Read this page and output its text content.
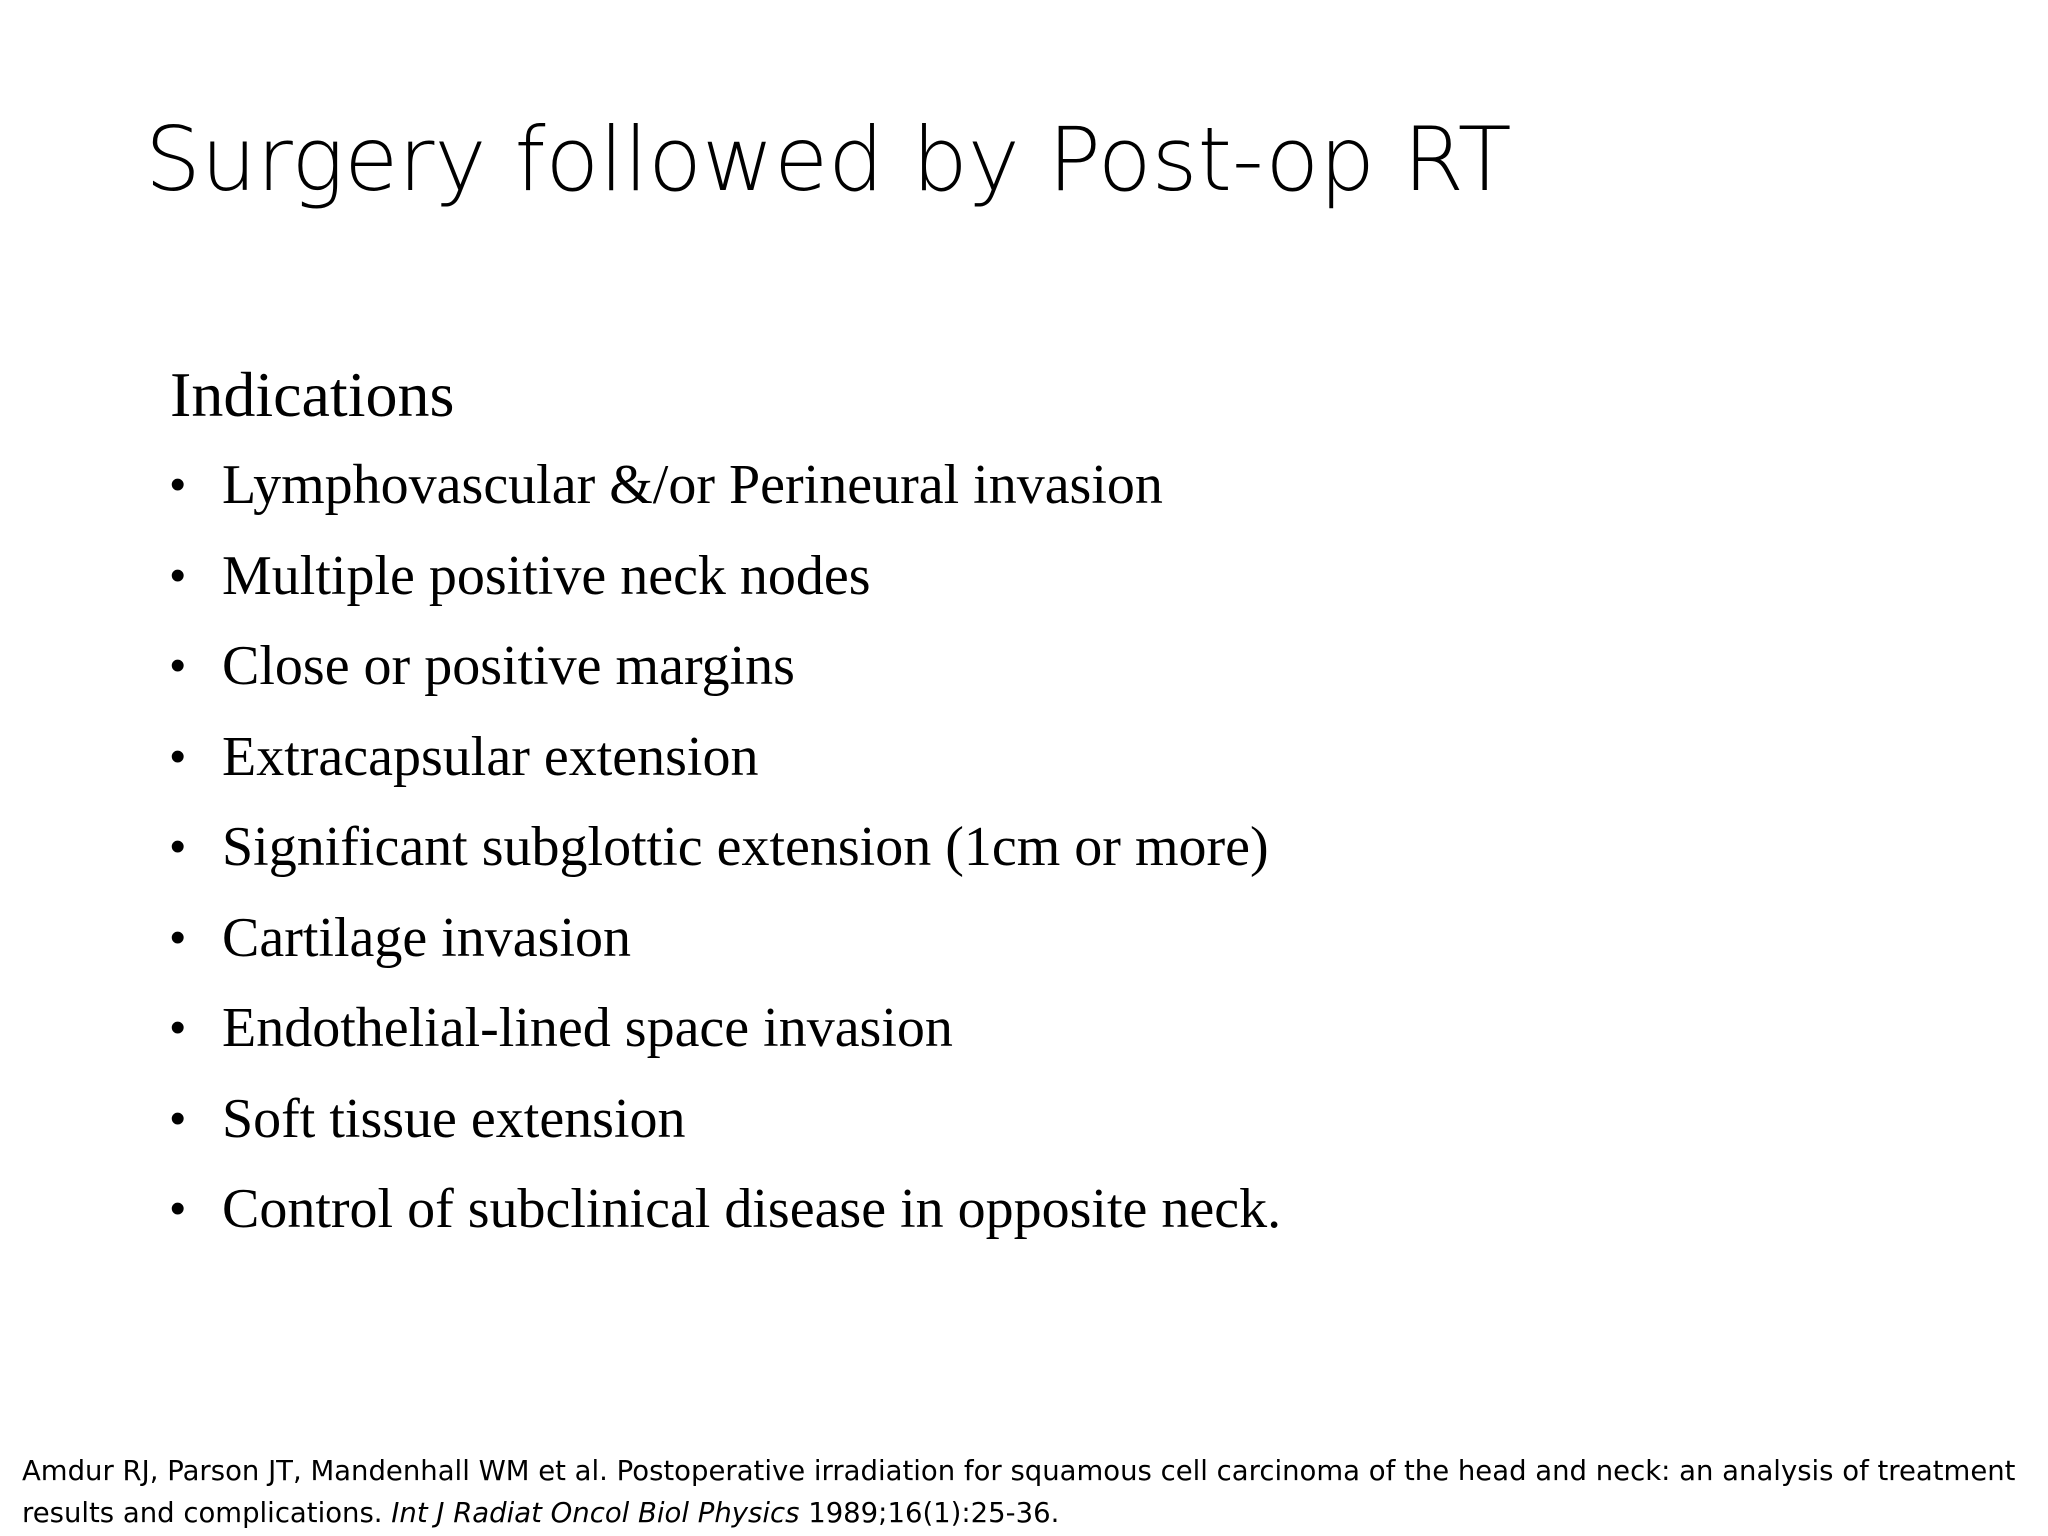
Surgery followed by Post-op RT
Indications
• Lymphovascular &/or Perineural invasion
• Multiple positive neck nodes
• Close or positive margins
• Extracapsular extension
• Significant subglottic extension (1cm or more)
• Cartilage invasion
• Endothelial-lined space invasion
• Soft tissue extension
• Control of subclinical disease in opposite neck.

Amdur RJ, Parson JT, Mandenhall WM et al. Postoperative irradiation for squamous cell carcinoma of the head and neck: an analysis of treatment

results and complications. Int J Radiat Oncol Biol Physics 1989;16(1):25-36.
